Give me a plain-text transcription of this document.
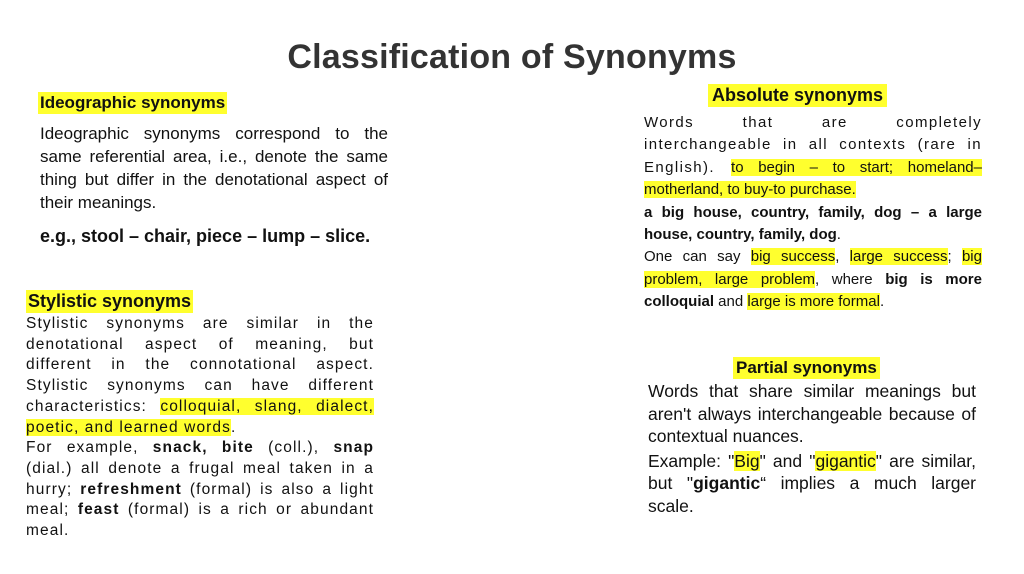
Classification of Synonyms
Ideographic synonyms
Ideographic synonyms correspond to the same referential area, i.e., denote the same thing but differ in the denotational aspect of their meanings.
e.g., stool – chair, piece – lump – slice.
Stylistic synonyms
Stylistic synonyms are similar in the denotational aspect of meaning, but different in the connotational aspect. Stylistic synonyms can have different characteristics: colloquial, slang, dialect, poetic, and learned words.
For example, snack, bite (coll.), snap (dial.) all denote a frugal meal taken in a hurry; refreshment (formal) is also a light meal; feast (formal) is a rich or abundant meal.
Absolute synonyms
Words that are completely interchangeable in all contexts (rare in English). to begin – to start; homeland–motherland, to buy-to purchase.
a big house, country, family, dog – a large house, country, family, dog.
One can say big success, large success; big problem, large problem, where big is more colloquial and large is more formal.
Partial synonyms
Words that share similar meanings but aren't always interchangeable because of contextual nuances.
Example: "Big" and "gigantic" are similar, but "gigantic“ implies a much larger scale.
